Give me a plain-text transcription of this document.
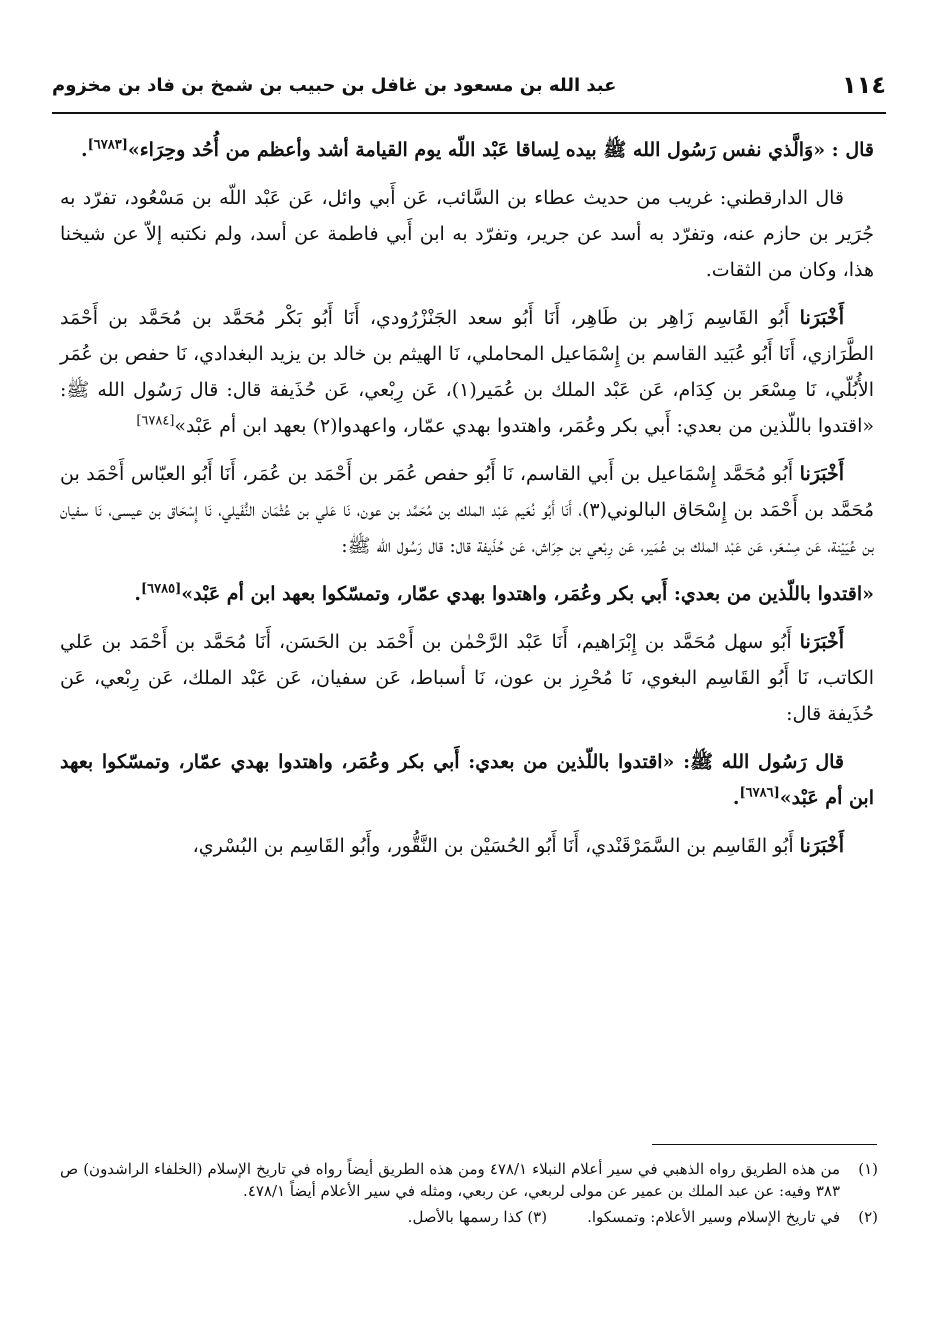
١١٤
عبد الله بن مسعود بن غافل بن حبيب بن شمخ بن فاد بن مخزوم

قال : «وَالَّذي نفس رَسُول الله ﷺ بيده لِساقا عَبْد اللّه يوم القيامة أشد وأعظم من أُحُد وحِرَاء»[٦٧٨٣].

قال الدارقطني: غريب من حديث عطاء بن السَّائب، عَن أَبي وائل، عَن عَبْد اللّه بن مَسْعُود، تفرّد به جُرَير بن حازم عنه، وتفرّد به أسد عن جرير، وتفرّد به ابن أَبي فاطمة عن أسد، ولم نكتبه إلاّ عن شيخنا هذا، وكان من الثقات.

أَخْبَرَنا أَبُو القَاسِم زَاهِر بن طَاهِر، أَنَا أَبُو سعد الجَنْزْرُودي، أَنَا أَبُو بَكْر مُحَمَّد بن مُحَمَّد بن أَحْمَد الطَّرَازي، أَنَا أَبُو عُبَيد القاسم بن إِسْمَاعيل المحاملي، نَا الهيثم بن خالد بن يزيد البغدادي، نَا حفص بن عُمَر الأُبُلّي، نَا مِسْعَر بن كِدَام، عَن عَبْد الملك بن عُمَير(١)، عَن رِبْعي، عَن حُذَيفة قال: قال رَسُول الله ﷺ: «اقتدوا باللّذين من بعدي: أَبي بكر وعُمَر، واهتدوا بهدي عمّار، واعهدوا(٢) بعهد ابن أم عَبْد»[٦٧٨٤]

أَخْبَرَنا أَبُو مُحَمَّد إِسْمَاعيل بن أَبي القاسم، نَا أَبُو حفص عُمَر بن أَحْمَد بن عُمَر، أَنَا أَبُو العبّاس أَحْمَد بن مُحَمَّد بن أَحْمَد بن إِسْحَاق البالوني(٣)، أَنَا أَبُو نُعَيم عَبْد الملك بن مُحَمَّد بن عون، نَا عَلي بن عُثْمَان النُّفَيلي، نَا إِسْحَاق بن عيسى، نَا سفيان بن عُيَيْنة، عَن مِسْعَر، عَن عَبْد الملك بن عُمَير، عَن رِبْعي بن حِرَاش، عَن حُذَيفة قال: قال رَسُول الله ﷺ:

«اقتدوا باللّذين من بعدي: أَبي بكر وعُمَر، واهتدوا بهدي عمّار، وتمسّكوا بعهد ابن أم عَبْد»[٦٧٨٥].

أَخْبَرَنا أَبُو سهل مُحَمَّد بن إِبْرَاهيم، أَنَا عَبْد الرَّحْمٰن بن أَحْمَد بن الحَسَن، أَنَا مُحَمَّد بن أَحْمَد بن عَلي الكاتب، نَا أَبُو القَاسِم البغوي، نَا مُحْرِز بن عون، نَا أسباط، عَن سفيان، عَن عَبْد الملك، عَن رِبْعي، عَن حُذَيفة قال:

قال رَسُول الله ﷺ: «اقتدوا باللّذين من بعدي: أَبي بكر وعُمَر، واهتدوا بهدي عمّار، وتمسّكوا بعهد ابن أم عَبْد»[٦٧٨٦].

أَخْبَرَنا أَبُو القَاسِم بن السَّمَرْقَنْدي، أَنَا أَبُو الحُسَيْن بن النَّقُّور، وأَبُو القَاسِم بن البُسْري،

(١)
من هذه الطريق رواه الذهبي في سير أعلام النبلاء ٤٧٨/١ ومن هذه الطريق أيضاً رواه في تاريخ الإسلام (الخلفاء الراشدون) ص ٣٨٣ وفيه: عن عبد الملك بن عمير عن مولى لربعي، عن ربعي، ومثله في سير الأعلام أيضاً ٤٧٨/١.
(٢)
في تاريخ الإسلام وسير الأعلام: وتمسكوا.
(٣) كذا رسمها بالأصل.
